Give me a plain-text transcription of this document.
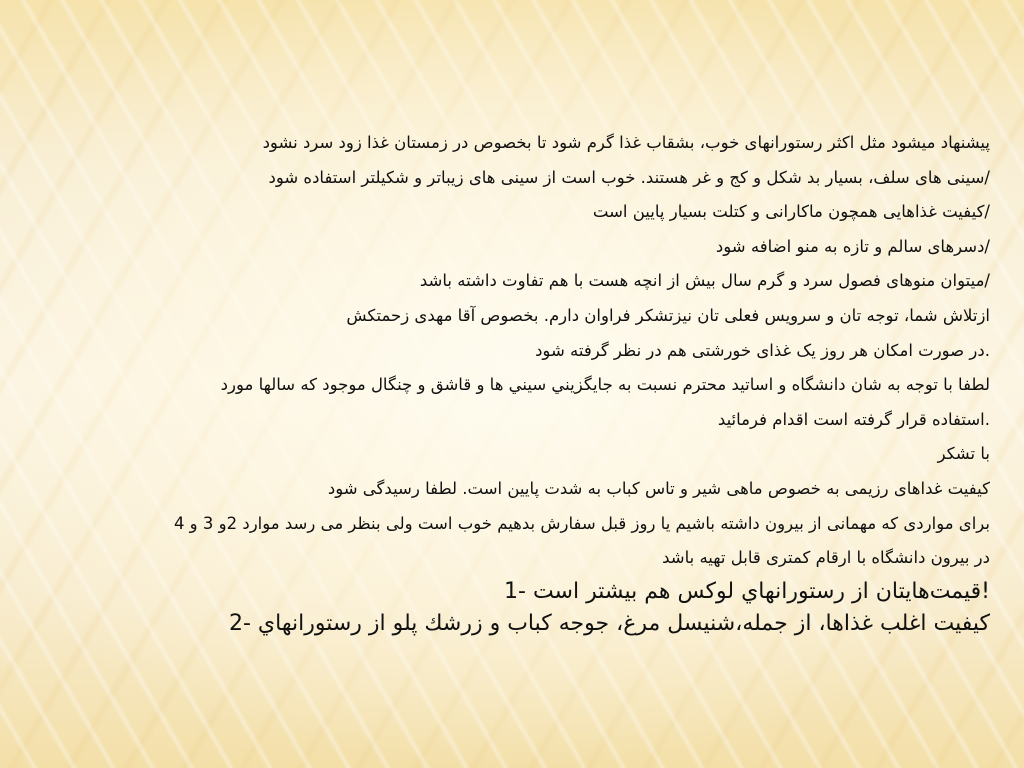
پیشنهاد میشود مثل اکثر رستورانهای خوب، بشقاب غذا گرم شود تا بخصوص در زمستان غذا زود سرد نشود
/سینی های سلف، بسیار بد شکل و کج و غر هستند. خوب است از سینی های زیباتر و شکیلتر استفاده شود
/کیفیت غذاهایی همچون ماکارانی و کتلت بسیار پایین است
/دسرهای سالم و تازه به منو اضافه شود
/میتوان منوهای فصول سرد و گرم سال بیش از انچه هست با هم تفاوت داشته باشد
ازتلاش شما، توجه تان و سرویس فعلی تان نیزتشکر فراوان دارم. بخصوص آقا مهدی زحمتکش
.در صورت امکان هر روز یک غذای خورشتی هم در نظر گرفته شود
لطفا با توجه به شان دانشگاه و اساتید محترم نسبت به جايگزيني سيني ها و قاشق و چنگال موجود که سالها مورد
.استفاده قرار گرفته است اقدام فرمائید
با تشکر
کیفیت غداهای رزیمی به خصوص ماهی شیر و تاس کباب به شدت پایین است. لطفا رسیدگی شود
برای مواردی که مهمانی از بیرون داشته باشیم یا روز قبل سفارش بدهیم خوب است ولی بنظر می رسد موارد 2و 3 و 4
در بیرون دانشگاه با ارقام کمتری قابل تهیه باشد
!قیمت‌هایتان از رستورانهاي لوکس هم بیشتر است -1
کیفیت اغلب غذاها، از جمله،شنیسل مرغ، جوجه کباب و زرشك پلو از رستورانهاي -2
